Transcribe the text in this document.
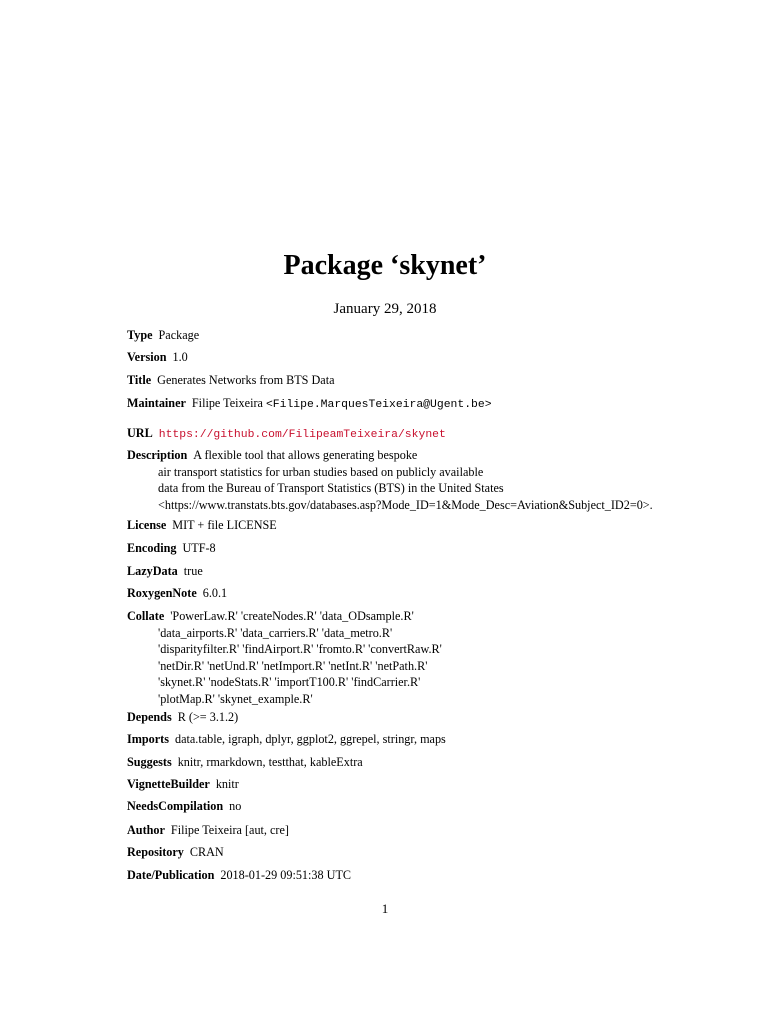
Package ‘skynet’
January 29, 2018
Type Package
Version 1.0
Title Generates Networks from BTS Data
Maintainer Filipe Teixeira <Filipe.MarquesTeixeira@Ugent.be>
URL https://github.com/FilipeamTeixeira/skynet
Description A flexible tool that allows generating bespoke
air transport statistics for urban studies based on publicly available
data from the Bureau of Transport Statistics (BTS) in the United States
<https://www.transtats.bts.gov/databases.asp?Mode_ID=1&Mode_Desc=Aviation&Subject_ID2=0>.
License MIT + file LICENSE
Encoding UTF-8
LazyData true
RoxygenNote 6.0.1
Collate 'PowerLaw.R' 'createNodes.R' 'data_ODsample.R'
'data_airports.R' 'data_carriers.R' 'data_metro.R'
'disparityfilter.R' 'findAirport.R' 'fromto.R' 'convertRaw.R'
'netDir.R' 'netUnd.R' 'netImport.R' 'netInt.R' 'netPath.R'
'skynet.R' 'nodeStats.R' 'importT100.R' 'findCarrier.R'
'plotMap.R' 'skynet_example.R'
Depends R (>= 3.1.2)
Imports data.table, igraph, dplyr, ggplot2, ggrepel, stringr, maps
Suggests knitr, rmarkdown, testthat, kableExtra
VignetteBuilder knitr
NeedsCompilation no
Author Filipe Teixeira [aut, cre]
Repository CRAN
Date/Publication 2018-01-29 09:51:38 UTC
1
